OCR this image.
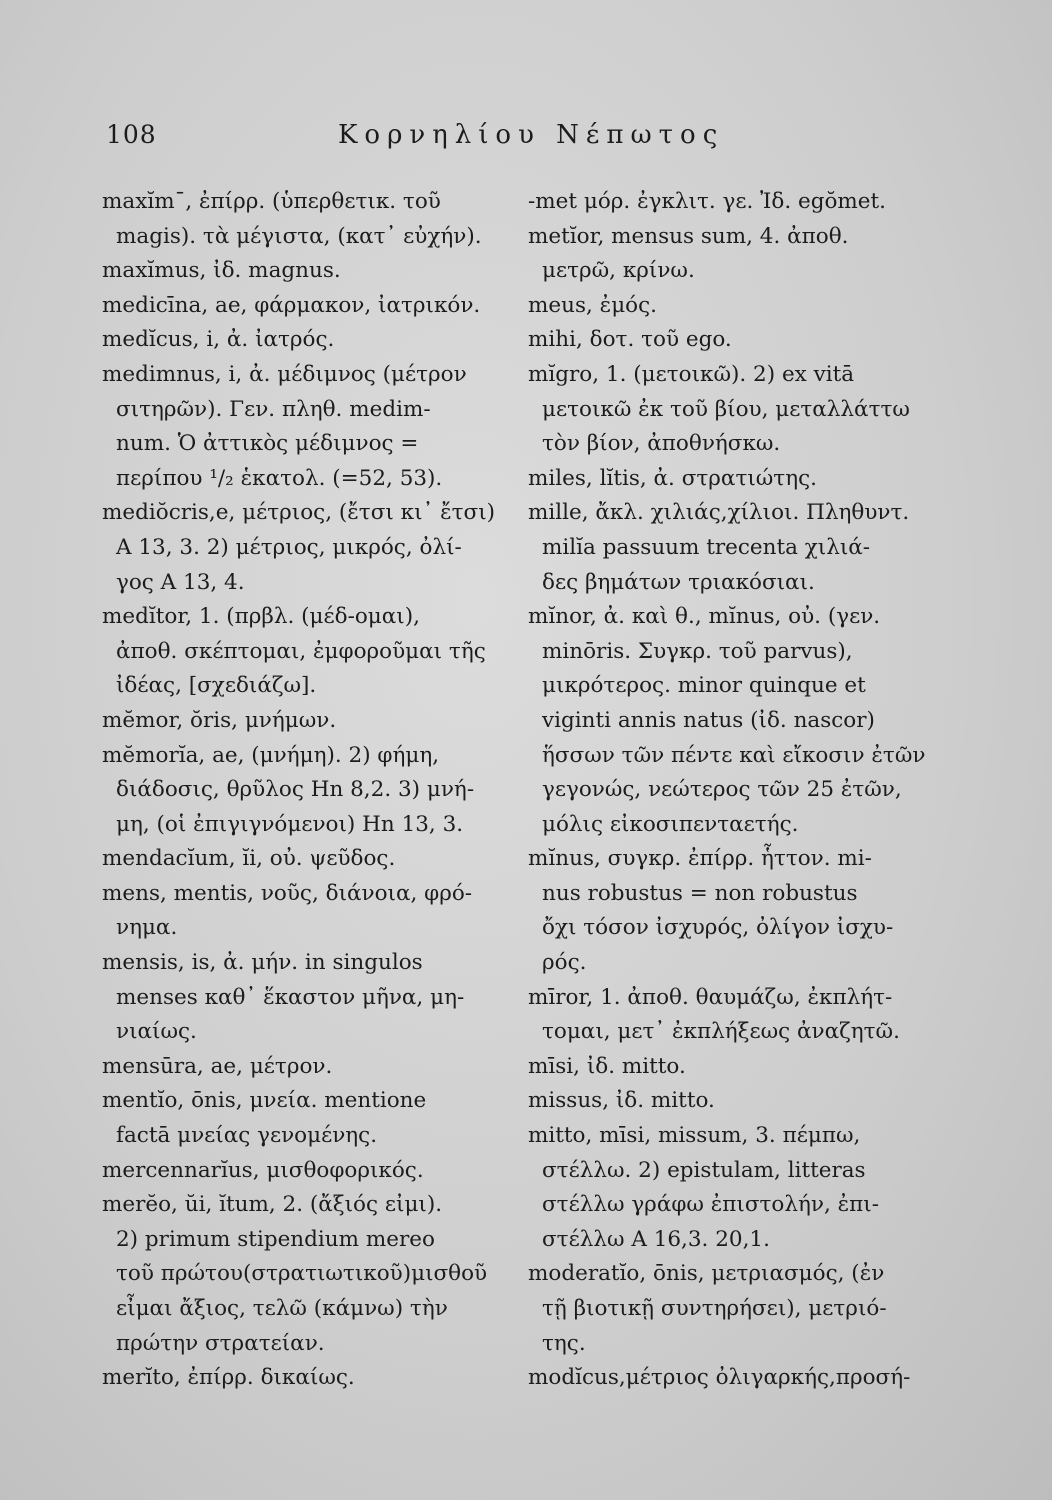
108	Κορνηλίου Νέπωτος
maxĭm¯, ἐπίρρ. (ὑπερθετικ. τοῦ
magis). τὰ μέγιστα, (κατ᾽ εὐχήν).
maxĭmus, ἰδ. magnus.
medicīna, ae, φάρμακον, ἰατρικόν.
medĭcus, i, ἀ. ἰατρός.
medimnus, i, ἀ. μέδιμνος (μέτρον
σιτηρῶν). Γεν. πληθ. medim-
num. Ὁ ἀττικὸς μέδιμνος =
περίπου ¹/₂ ἑκατολ. (=52, 53).
mediŏcris,e, μέτριος, (ἔτσι κι᾽ ἔτσι)
A 13, 3. 2) μέτριος, μικρός, ὀλί-
γος A 13, 4.
medĭtor, 1. (πρβλ. (μέδ-ομαι),
ἀποθ. σκέπτομαι, ἐμφοροῦμαι τῆς
ἰδέας, [σχεδιάζω].
mĕmor, ŏris, μνήμων.
mĕmorĭa, ae, (μνήμη). 2) φήμη,
διάδοσις, θρῦλος Hn 8,2. 3) μνή-
μη, (οἱ ἐπιγιγνόμενοι) Hn 13, 3.
mendacĭum, ĭi, οὐ. ψεῦδος.
mens, mentis, νοῦς, διάνοια, φρό-
νημα.
mensis, is, ἀ. μήν. in singulos
menses καθ᾽ ἕκαστον μῆνα, μη-
νιαίως.
mensūra, ae, μέτρον.
mentĭo, ōnis, μνεία. mentione
factā μνείας γενομένης.
mercennarĭus, μισθοφορικός.
merĕo, ŭi, ĭtum, 2. (ἄξιός εἰμι).
2) primum stipendium mereo
τοῦ πρώτου(στρατιωτικοῦ)μισθοῦ
εἶμαι ἄξιος, τελῶ (κάμνω) τὴν
πρώτην στρατείαν.
merĭto, ἐπίρρ. δικαίως.
-met μόρ. ἐγκλιτ. γε. Ἰδ. egŏmet.
metĭor, mensus sum, 4. ἀποθ.
μετρῶ, κρίνω.
meus, ἐμός.
mihi, δοτ. τοῦ ego.
mĭgro, 1. (μετοικῶ). 2) ex vitā
μετοικῶ ἐκ τοῦ βίου, μεταλλάττω
τὸν βίον, ἀποθνήσκω.
miles, lĭtis, ἀ. στρατιώτης.
mille, ἄκλ. χιλιάς,χίλιοι. Πληθυντ.
milĭa passuum trecenta χιλιά-
δες βημάτων τριακόσιαι.
mĭnor, ἀ. καὶ θ., mĭnus, οὐ. (γεν.
minōris. Συγκρ. τοῦ parvus),
μικρότερος. minor quinque et
viginti annis natus (ἰδ. nascor)
ἥσσων τῶν πέντε καὶ εἴκοσιν ἐτῶν
γεγονώς, νεώτερος τῶν 25 ἐτῶν,
μόλις εἰκοσιπενταετής.
mĭnus, συγκρ. ἐπίρρ. ἧττον. mi-
nus robustus = non robustus
ὄχι τόσον ἰσχυρός, ὀλίγον ἰσχυ-
ρός.
mīror, 1. ἀποθ. θαυμάζω, ἐκπλήτ-
τομαι, μετ᾽ ἐκπλήξεως ἀναζητῶ.
mīsi, ἰδ. mitto.
missus, ἰδ. mitto.
mitto, mīsi, missum, 3. πέμπω,
στέλλω. 2) epistulam, litteras
στέλλω γράφω ἐπιστολήν, ἐπι-
στέλλω A 16,3. 20,1.
moderatĭo, ōnis, μετριασμός, (ἐν
τῇ βιοτικῇ συντηρήσει), μετριό-
της.
modĭcus,μέτριος ὀλιγαρκής,προσή-
